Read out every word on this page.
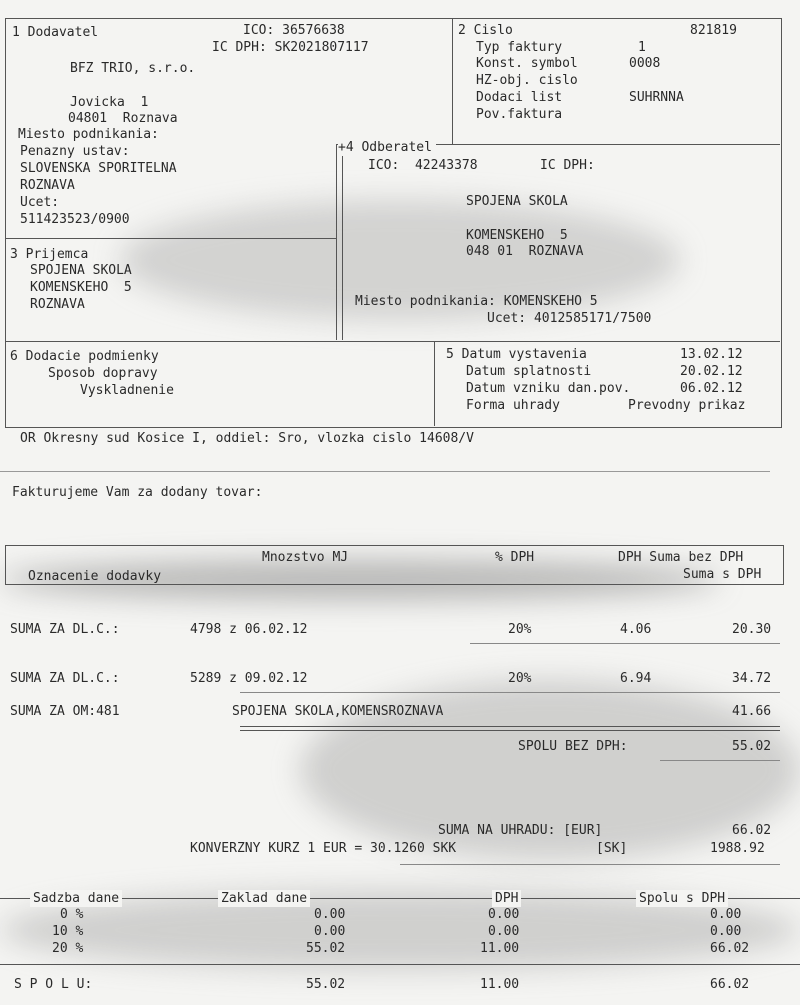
1 Dodavatel	ICO: 36576638
IC DPH: SK2021807117
BFZ TRIO, s.r.o.
Jovicka  1
04801  Roznava
Miesto podnikania:
Penazny ustav:
SLOVENSKA SPORITELNA
ROZNAVA
Ucet:
511423523/0900
2 Cislo	821819
Typ faktury	1
Konst. symbol	0008
HZ-obj. cislo
Dodaci list	SUHRNNA
Pov.faktura
+4 Odberatel
ICO:  42243378	IC DPH:
SPOJENA SKOLA
KOMENSKEHO  5
048 01  ROZNAVA
Miesto podnikania: KOMENSKEHO 5
Ucet: 4012585171/7500
3 Prijemca
SPOJENA SKOLA
KOMENSKEHO  5
ROZNAVA
6 Dodacie podmienky
Sposob dopravy
Vyskladnenie
5 Datum vystavenia	13.02.12
Datum splatnosti	20.02.12
Datum vzniku dan.pov.	06.02.12
Forma uhrady	Prevodny prikaz
OR Okresny sud Kosice I, oddiel: Sro, vlozka cislo 14608/V
Fakturujeme Vam za dodany tovar:
Mnozstvo MJ	% DPH	DPH Suma bez DPH
Oznacenie dodavky	Suma s DPH
SUMA ZA DL.C.:	4798 z 06.02.12	20%	4.06	20.30
SUMA ZA DL.C.:	5289 z 09.02.12	20%	6.94	34.72
SUMA ZA OM:481	SPOJENA SKOLA,KOMENSROZNAVA	41.66
SPOLU BEZ DPH:	55.02
SUMA NA UHRADU: [EUR]	66.02
KONVERZNY KURZ 1 EUR = 30.1260 SKK	[SK]	1988.92
Sadzba dane	Zaklad dane	DPH	Spolu s DPH
0 %	0.00	0.00	0.00
10 %	0.00	0.00	0.00
20 %	55.02	11.00	66.02
S P O L U:	55.02	11.00	66.02
